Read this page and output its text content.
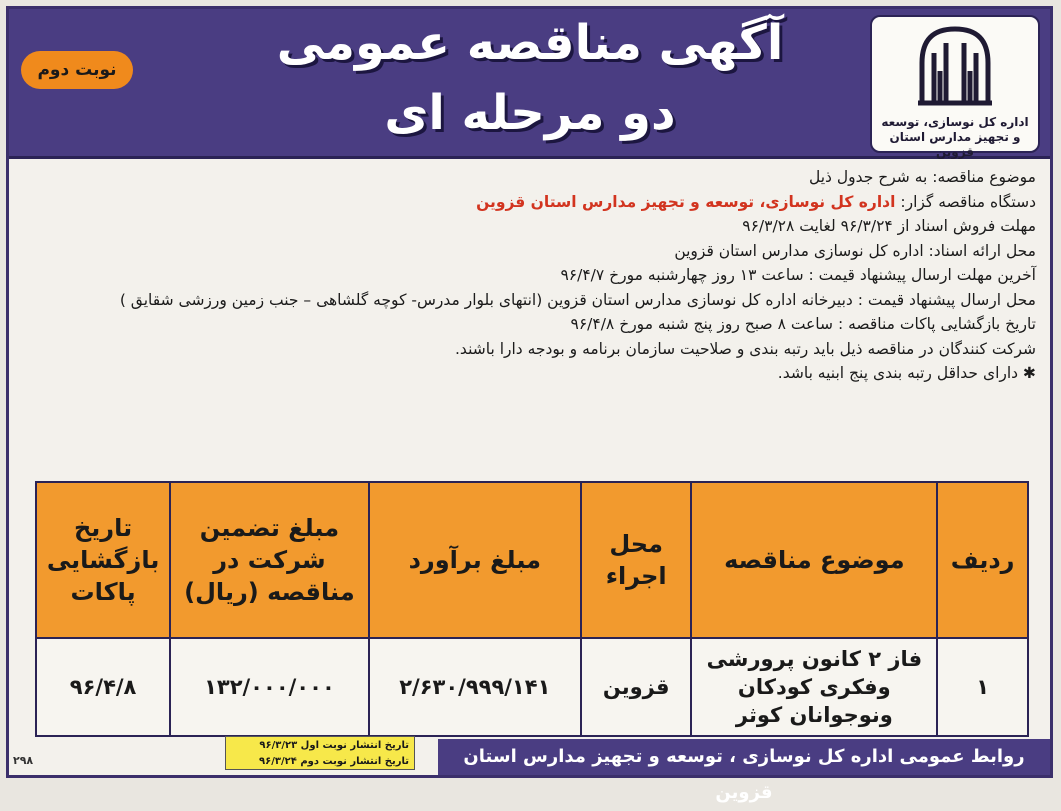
اداره کل نوسازی، توسعه و تجهیز مدارس استان قزوین
آگهی مناقصه عمومی
دو مرحله ای
نوبت دوم

موضوع مناقصه: به شرح جدول ذیل

دستگاه مناقصه گزار: اداره کل نوسازی، توسعه و تجهیز مدارس استان قزوین

مهلت فروش اسناد از ۹۶/۳/۲۴ لغایت ۹۶/۳/۲۸

محل ارائه اسناد: اداره کل نوسازی مدارس استان قزوین

آخرین مهلت ارسال پیشنهاد قیمت : ساعت ۱۳ روز چهارشنبه مورخ ۹۶/۴/۷

محل ارسال پیشنهاد قیمت : دبیرخانه اداره کل نوسازی مدارس استان قزوین (انتهای بلوار مدرس- کوچه گلشاهی – جنب زمین ورزشی شقایق )

تاریخ بازگشایی پاکات مناقصه : ساعت ۸ صبح روز پنج شنبه مورخ ۹۶/۴/۸

شرکت کنندگان در مناقصه ذیل باید رتبه بندی و صلاحیت سازمان برنامه و بودجه دارا باشند.

✱ دارای حداقل رتبه بندی پنج ابنیه باشد.

ردیف	موضوع مناقصه	محل اجراء	مبلغ برآورد	مبلغ تضمین شرکت در مناقصه (ریال)	تاریخ بازگشایی پاکات
۱	فاز ۲ کانون پرورشی وفکری کودکان ونوجوانان کوثر	قزوین	۲/۶۳۰/۹۹۹/۱۴۱	۱۳۲/۰۰۰/۰۰۰	۹۶/۴/۸
تاریخ انتشار نوبت اول ۹۶/۳/۲۳
تاریخ انتشار نوبت دوم ۹۶/۳/۲۴	روابط عمومی اداره کل نوسازی ، توسعه و تجهیز مدارس استان قزوین
۲۹۸
